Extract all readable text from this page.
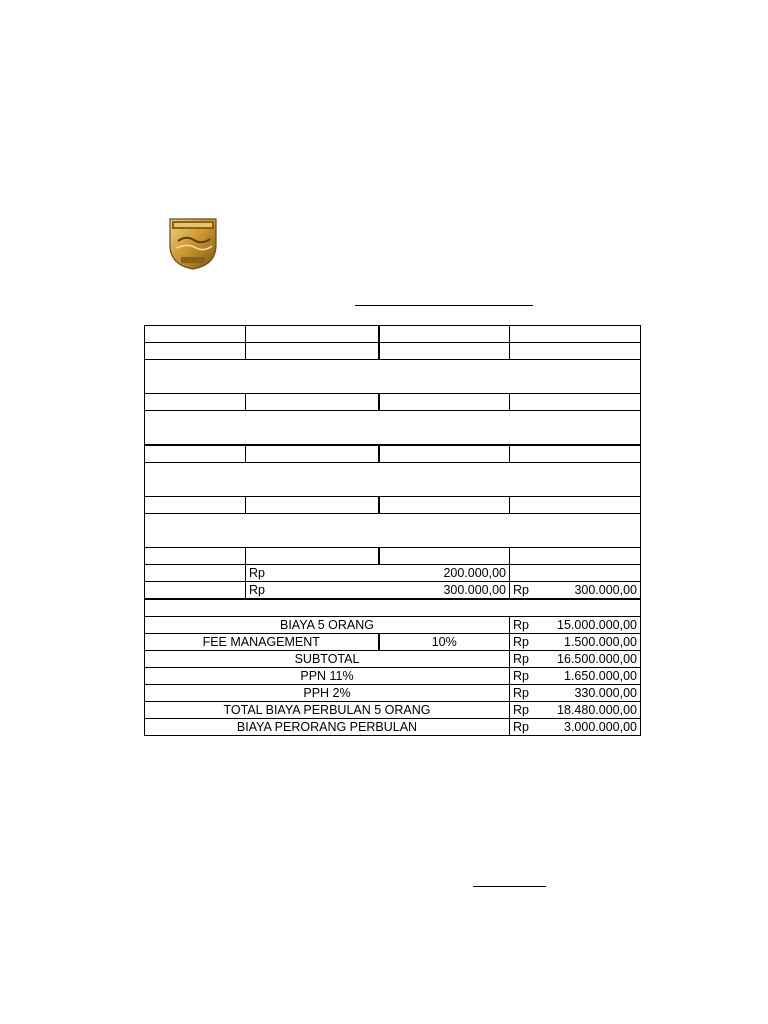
	Rp 200.000,00		

	Rp 300.000,00		Rp 300.000,00

BIAYA 5 ORANG			Rp 15.000.000,00

FEE MANAGEMENT		10%	Rp 1.500.000,00

SUBTOTAL			Rp 16.500.000,00

PPN 11%			Rp 1.650.000,00

PPH 2%			Rp 330.000,00

TOTAL BIAYA PERBULAN 5 ORANG			Rp 18.480.000,00

BIAYA PERORANG PERBULAN			Rp 3.000.000,00
